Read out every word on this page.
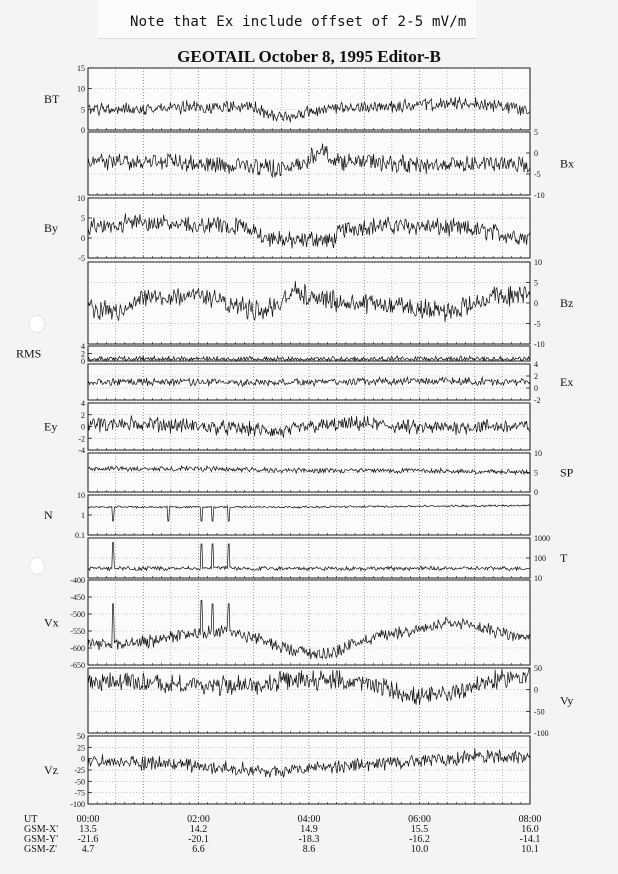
Note that Ex include offset of 2-5 mV/m
GEOTAIL October 8, 1995 Editor-B
0
5
10
15
BT
-10
-5
0
5
Bx
-5
0
5
10
By
-10
-5
0
5
10
Bz
0
2
4
RMS
-2
0
2
4
Ex
-4
-2
0
2
4
Ey
0
5
10
SP
0.1
1
10
N
10
100
1000
T
-400
-450
-500
-550
-600
-650
Vx
-100
-50
0
50
Vy
-100
-75
-50
-25
0
25
50
Vz
UT	00:00	02:00	04:00	06:00	08:00
GSM-X' 13.5	14.2	14.9	15.5	16.0
GSM-Y' -21.6	-20.1	-18.3	-16.2	-14.1
GSM-Z' 4.7	6.6	8.6	10.0	10.1
